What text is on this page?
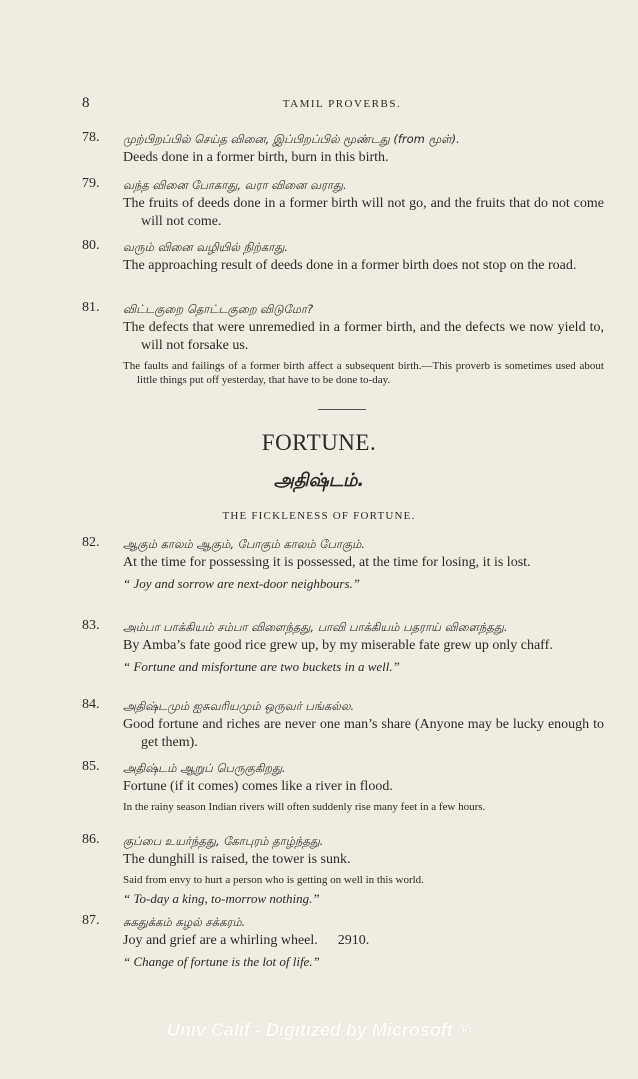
8	TAMIL PROVERBS.
78. முற்பிறப்பில் செய்த வினை, இப்பிறப்பில் மூண்டது (from மூள்).
Deeds done in a former birth, burn in this birth.
79. வந்த வினை போகாது, வரா வினை வராது.
The fruits of deeds done in a former birth will not go, and the fruits that do not come will not come.
80. வரும் வினை வழியில் நிற்காது.
The approaching result of deeds done in a former birth does not stop on the road.
81. விட்டகுறை தொட்டகுறை விடுமோ?
The defects that were unremedied in a former birth, and the defects we now yield to, will not forsake us.
The faults and failings of a former birth affect a subsequent birth.—This proverb is sometimes used about little things put off yesterday, that have to be done to-day.
FORTUNE.
அதிஷ்டம்.
THE FICKLENESS OF FORTUNE.
82. ஆகும் காலம் ஆகும், போகும் காலம் போகும்.
At the time for possessing it is possessed, at the time for losing, it is lost.
“ Joy and sorrow are next-door neighbours.”
83. அம்பா பாக்கியம் சம்பா விளைந்தது, பாவி பாக்கியம் பதராய் விளைந்தது.
By Amba’s fate good rice grew up, by my miserable fate grew up only chaff.
“ Fortune and misfortune are two buckets in a well.”
84. அதிஷ்டமும் ஐசுவரியமும் ஒருவர் பங்கல்ல.
Good fortune and riches are never one man’s share (Anyone may be lucky enough to get them).
85. அதிஷ்டம் ஆறுப் பெருகுகிறது.
Fortune (if it comes) comes like a river in flood.
In the rainy season Indian rivers will often suddenly rise many feet in a few hours.
86. குப்பை உயர்ந்தது, கோபுரம் தாழ்ந்தது.
The dunghill is raised, the tower is sunk.
Said from envy to hurt a person who is getting on well in this world.
“ To-day a king, to-morrow nothing.”
87. சுகதுக்கம் சுழல் சக்கரம்.
Joy and grief are a whirling wheel. 2910.
“ Change of fortune is the lot of life.”
Univ Calif - Digitized by Microsoft ®
